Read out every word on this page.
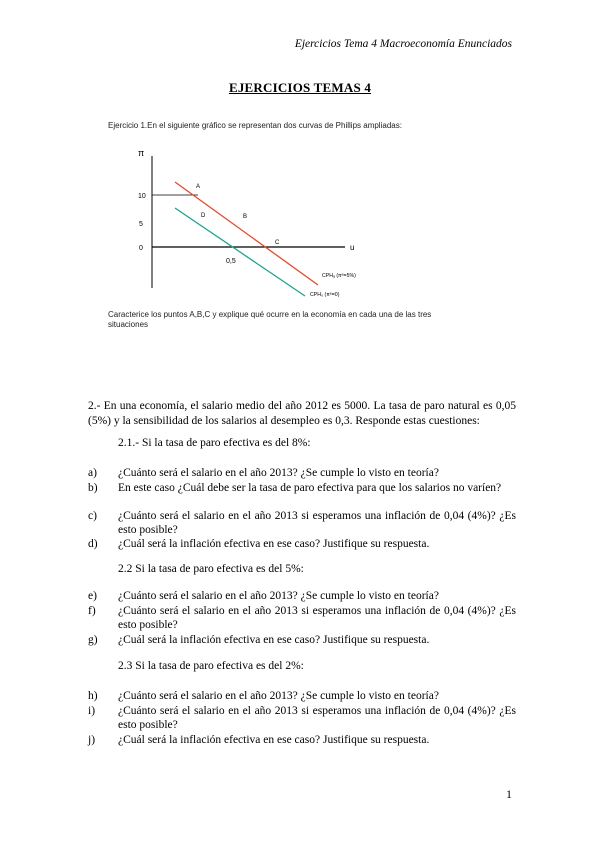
Ejercicios Tema 4 Macroeconomía Enunciados
EJERCICIOS TEMAS 4
Ejercicio 1.En el siguiente gráfico se representan dos curvas de Phillips ampliadas:
π
u
10
5
0
0,5
A
B
C
D
CPHₐ (πᵉ=5%)
CPH₀ (πᵉ=0)
Caracterice los puntos A,B,C y explique qué ocurre en la economía en cada una de las tres situaciones
2.- En una economía, el salario medio del año 2012 es 5000. La tasa de paro natural es 0,05 (5%) y la sensibilidad de los salarios al desempleo es 0,3. Responde estas cuestiones:
2.1.- Si la tasa de paro efectiva es del 8%:
a)	¿Cuánto será el salario en el año 2013? ¿Se cumple lo visto en teoría?
b)	En este caso ¿Cuál debe ser la tasa de paro efectiva para que los salarios no varíen?
c)	¿Cuánto será el salario en el año 2013 si esperamos una inflación de 0,04 (4%)? ¿Es esto posible?
d)	¿Cuál será la inflación efectiva en ese caso? Justifique su respuesta.
2.2 Si la tasa de paro efectiva es del 5%:
e)	¿Cuánto será el salario en el año 2013? ¿Se cumple lo visto en teoría?
f)	¿Cuánto será el salario en el año 2013 si esperamos una inflación de 0,04 (4%)? ¿Es esto posible?
g)	¿Cuál será la inflación efectiva en ese caso? Justifique su respuesta.
2.3 Si la tasa de paro efectiva es del 2%:
h)	¿Cuánto será el salario en el año 2013? ¿Se cumple lo visto en teoría?
i)	¿Cuánto será el salario en el año 2013 si esperamos una inflación de 0,04 (4%)? ¿Es esto posible?
j)	¿Cuál será la inflación efectiva en ese caso? Justifique su respuesta.
1
